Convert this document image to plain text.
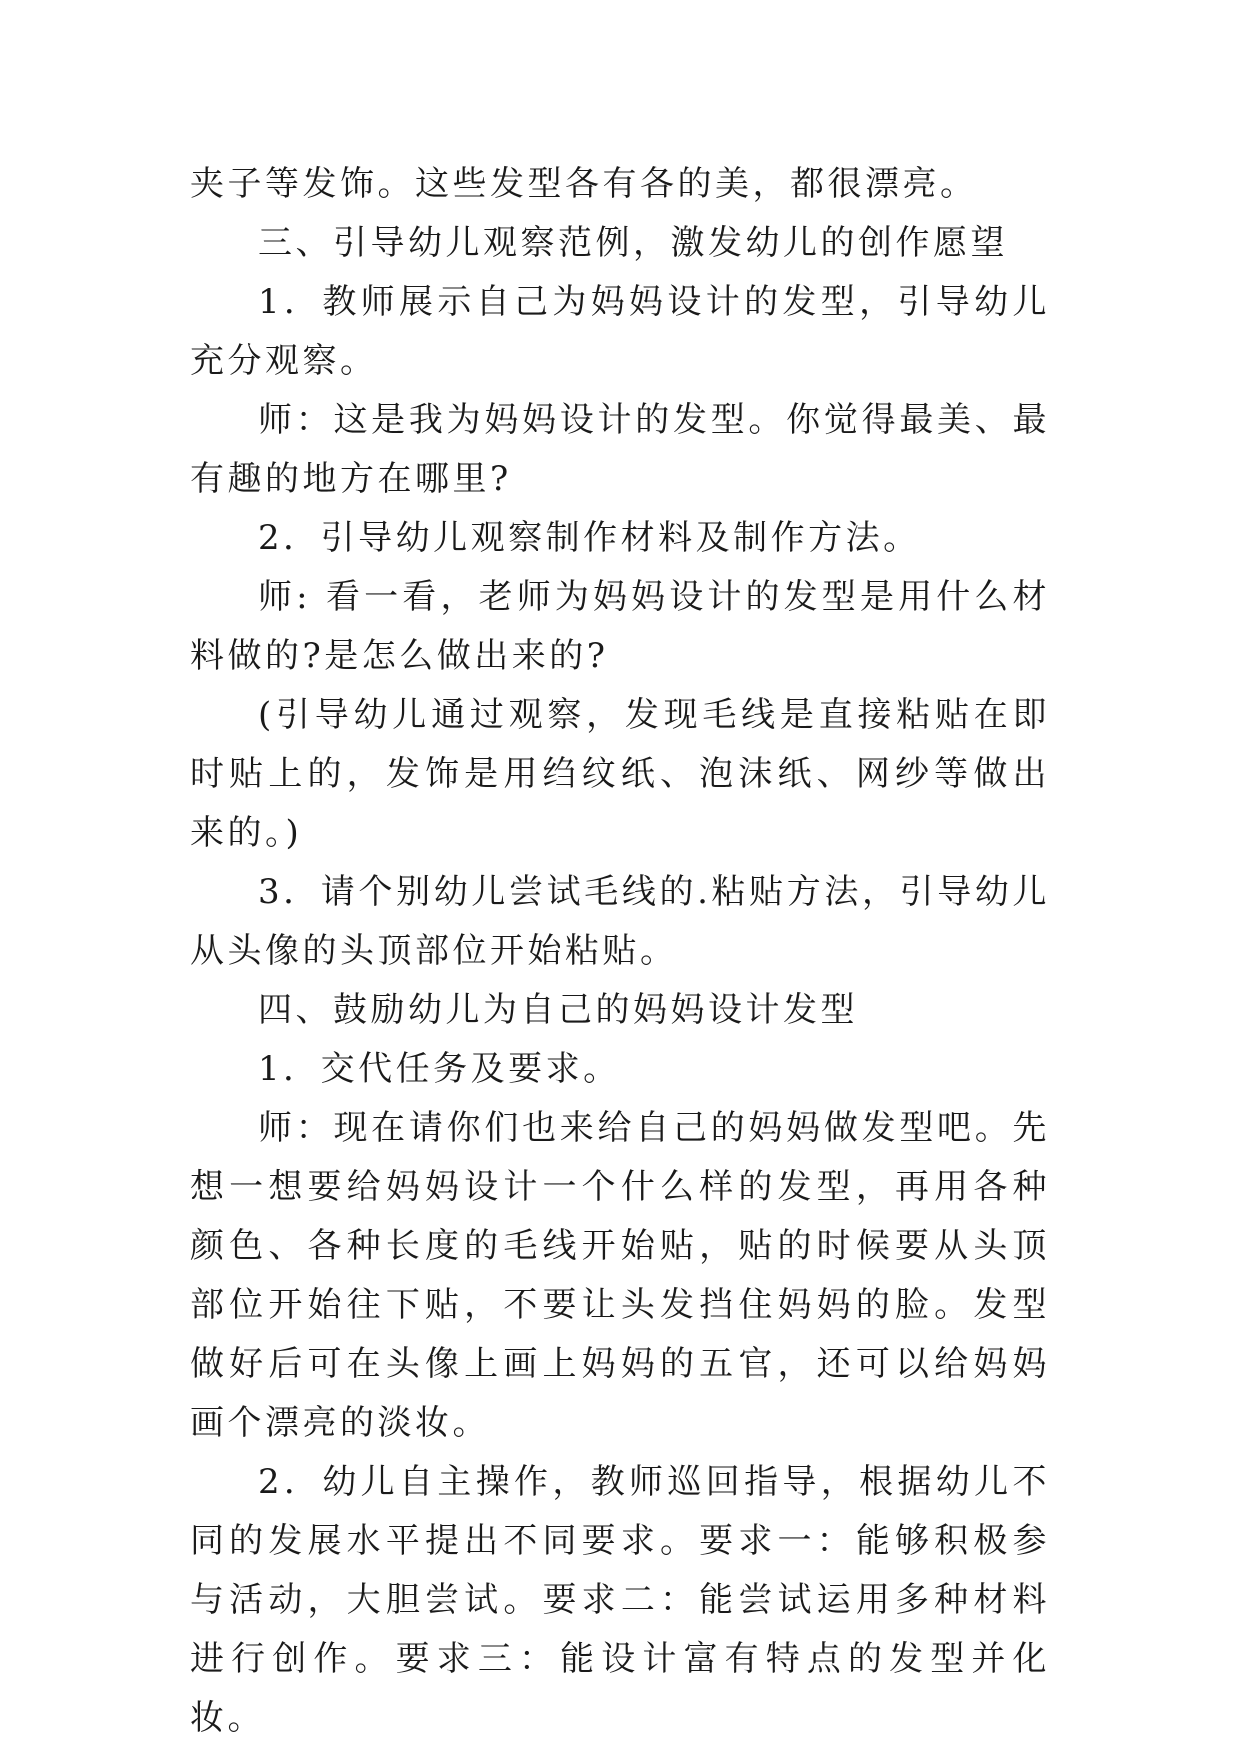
夹子等发饰。这些发型各有各的美，都很漂亮。

三、引导幼儿观察范例，激发幼儿的创作愿望

1．教师展示自己为妈妈设计的发型，引导幼儿充分观察。

师：这是我为妈妈设计的发型。你觉得最美、最有趣的地方在哪里?

2．引导幼儿观察制作材料及制作方法。

师: 看一看，老师为妈妈设计的发型是用什么材料做的?是怎么做出来的?

(引导幼儿通过观察，发现毛线是直接粘贴在即时贴上的，发饰是用绉纹纸、泡沫纸、网纱等做出来的。)

3．请个别幼儿尝试毛线的.粘贴方法，引导幼儿从头像的头顶部位开始粘贴。

四、鼓励幼儿为自己的妈妈设计发型

1．交代任务及要求。

师：现在请你们也来给自己的妈妈做发型吧。先想一想要给妈妈设计一个什么样的发型，再用各种颜色、各种长度的毛线开始贴，贴的时候要从头顶部位开始往下贴，不要让头发挡住妈妈的脸。发型做好后可在头像上画上妈妈的五官，还可以给妈妈画个漂亮的淡妆。

2．幼儿自主操作，教师巡回指导，根据幼儿不同的发展水平提出不同要求。要求一：能够积极参与活动，大胆尝试。要求二：能尝试运用多种材料进行创作。要求三：能设计富有特点的发型并化妆。
